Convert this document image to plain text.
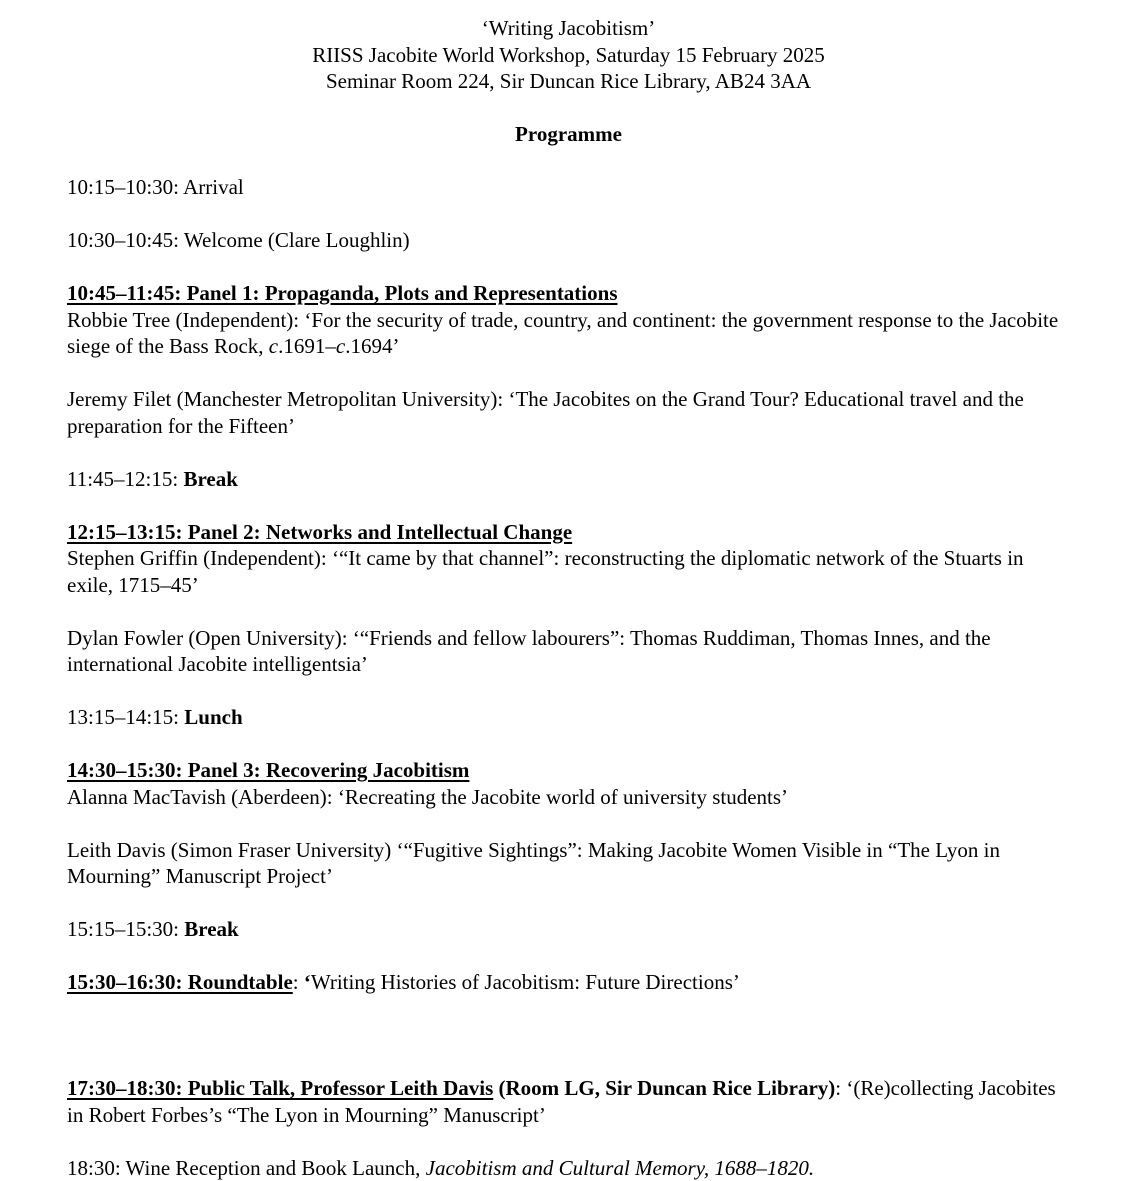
‘Writing Jacobitism’
RIISS Jacobite World Workshop, Saturday 15 February 2025
Seminar Room 224, Sir Duncan Rice Library, AB24 3AA

Programme

10:15–10:30: Arrival

10:30–10:45: Welcome (Clare Loughlin)

10:45–11:45: Panel 1: Propaganda, Plots and Representations

Robbie Tree (Independent): ‘For the security of trade, country, and continent: the government response to the Jacobite siege of the Bass Rock, c.1691–c.1694’

Jeremy Filet (Manchester Metropolitan University): ‘The Jacobites on the Grand Tour? Educational travel and the preparation for the Fifteen’

11:45–12:15: Break

12:15–13:15: Panel 2: Networks and Intellectual Change

Stephen Griffin (Independent): ‘“It came by that channel”: reconstructing the diplomatic network of the Stuarts in exile, 1715–45’

Dylan Fowler (Open University): ‘“Friends and fellow labourers”: Thomas Ruddiman, Thomas Innes, and the international Jacobite intelligentsia’

13:15–14:15: Lunch

14:30–15:30: Panel 3: Recovering Jacobitism

Alanna MacTavish (Aberdeen): ‘Recreating the Jacobite world of university students’

Leith Davis (Simon Fraser University) ‘“Fugitive Sightings”: Making Jacobite Women Visible in “The Lyon in Mourning” Manuscript Project’

15:15–15:30: Break

15:30–16:30: Roundtable: ‘Writing Histories of Jacobitism: Future Directions’

17:30–18:30: Public Talk, Professor Leith Davis (Room LG, Sir Duncan Rice Library): ‘(Re)collecting Jacobites in Robert Forbes’s “The Lyon in Mourning” Manuscript’

18:30: Wine Reception and Book Launch, Jacobitism and Cultural Memory, 1688–1820.
